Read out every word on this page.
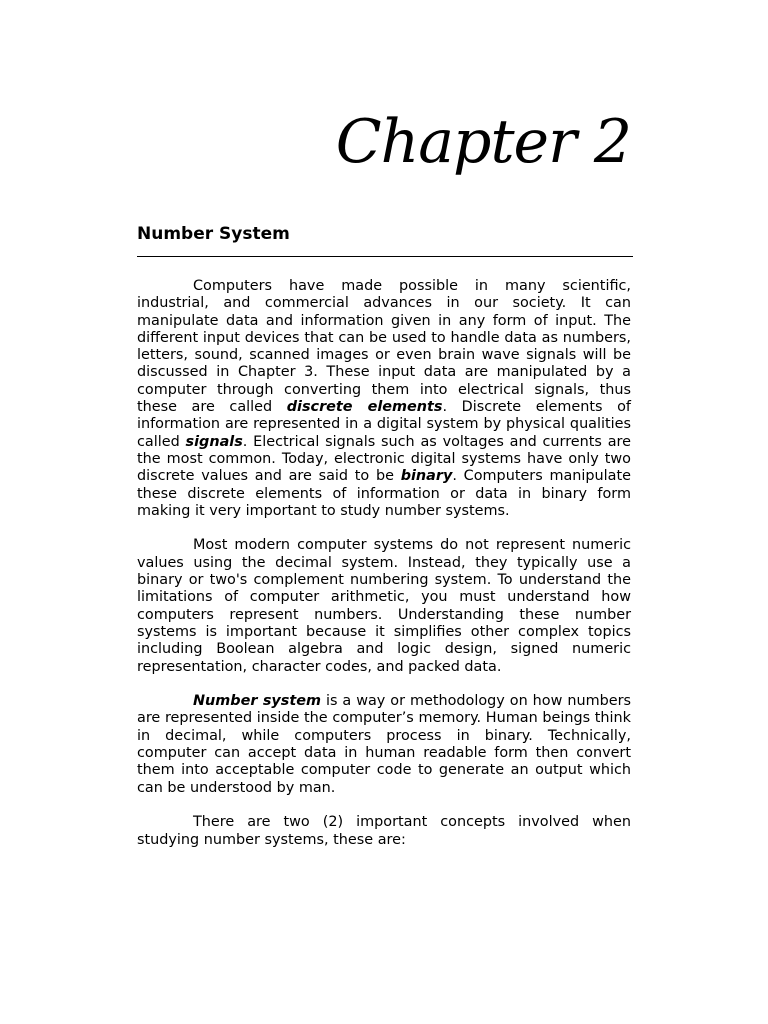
Chapter 2
Number System

Computers have made possible in many scientific, industrial, and commercial advances in our society. It can manipulate data and information given in any form of input. The different input devices that can be used to handle data as numbers, letters, sound, scanned images or even brain wave signals will be discussed in Chapter 3. These input data are manipulated by a computer through converting them into electrical signals, thus these are called discrete elements. Discrete elements of information are represented in a digital system by physical qualities called signals. Electrical signals such as voltages and currents are the most common. Today, electronic digital systems have only two discrete values and are said to be binary. Computers manipulate these discrete elements of information or data in binary form making it very important to study number systems.

Most modern computer systems do not represent numeric values using the decimal system. Instead, they typically use a binary or two's complement numbering system. To understand the limitations of computer arithmetic, you must understand how computers represent numbers. Understanding these number systems is important because it simplifies other complex topics including Boolean algebra and logic design, signed numeric representation, character codes, and packed data.

Number system is a way or methodology on how numbers are represented inside the computer’s memory. Human beings think in decimal, while computers process in binary. Technically, computer can accept data in human readable form then convert them into acceptable computer code to generate an output which can be understood by man.

There are two (2) important concepts involved when studying number systems, these are:
